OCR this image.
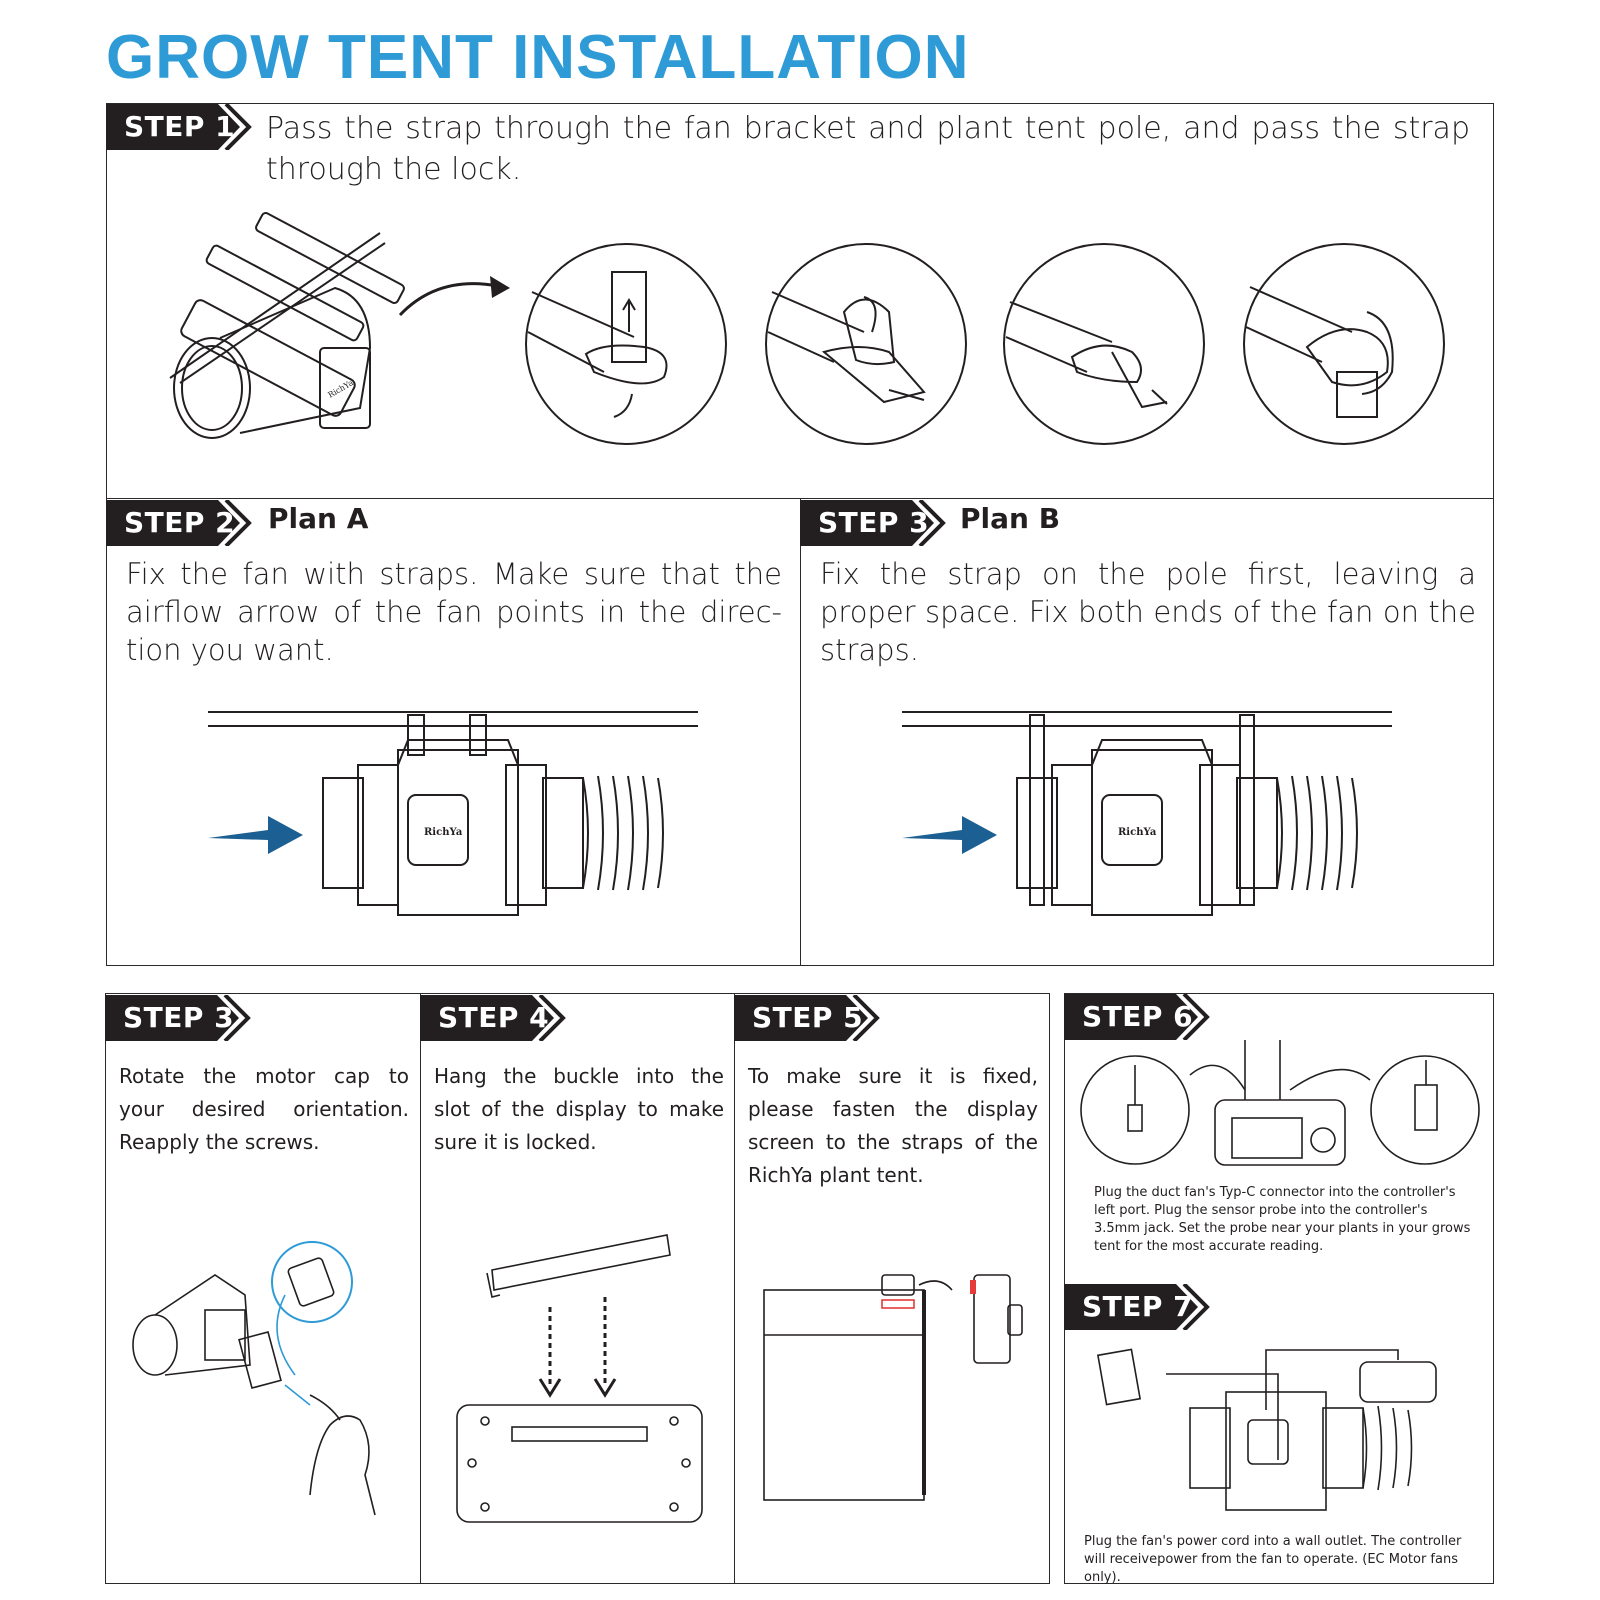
GROW TENT INSTALLATION
STEP 1 Pass the strap through the fan bracket and plant tent pole, and pass the strap through the lock.
RichYa
STEP 2 Plan A
Fix the fan with straps. Make sure that the airflow arrow of the fan points in the direc-tion you want.
RichYa
STEP 3 Plan B
Fix the strap on the pole first, leaving a proper space. Fix both ends of the fan on the straps.
RichYa
STEP 3
Rotate the motor cap to your desired orientation. Reapply the screws.
STEP 4
Hang the buckle into the slot of the display to make sure it is locked.
STEP 5
To make sure it is fixed, please fasten the display screen to the straps of the RichYa plant tent.
STEP 6
Plug the duct fan's Typ-C connector into the controller's left port. Plug the sensor probe into the controller's 3.5mm jack. Set the probe near your plants in your grows tent for the most accurate reading.
STEP 7
Plug the fan's power cord into a wall outlet. The controller will receivepower from the fan to operate. (EC Motor fans only).
